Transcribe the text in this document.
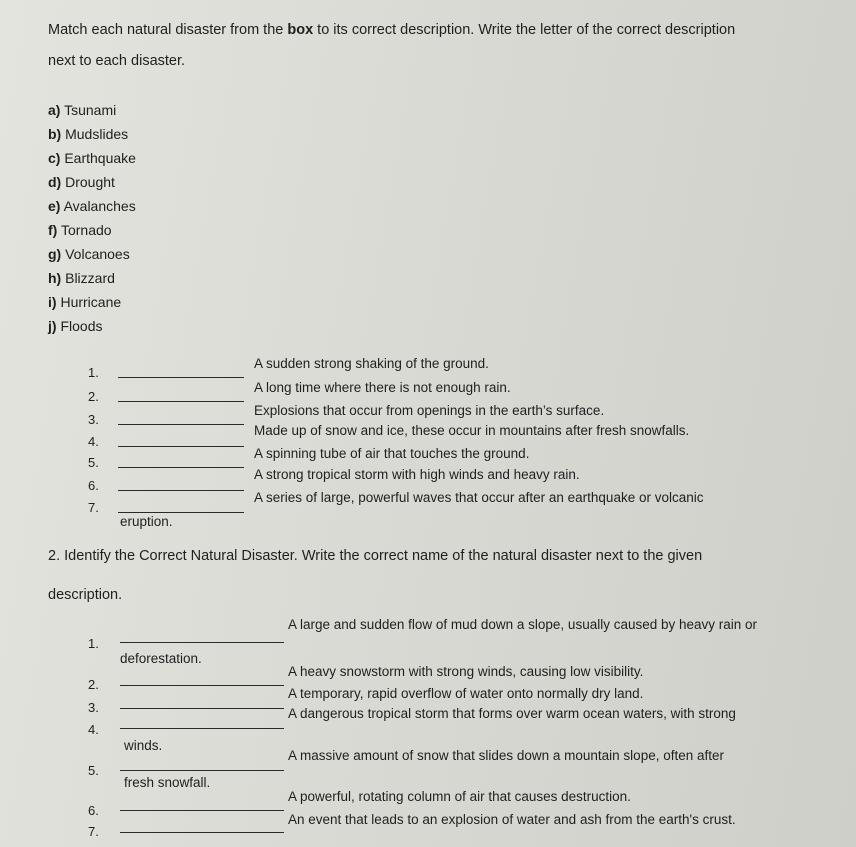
Match each natural disaster from the box to its correct description. Write the letter of the correct description
next to each disaster.
a) Tsunami
b) Mudslides
c) Earthquake
d) Drought
e) Avalanches
f) Tornado
g) Volcanoes
h) Blizzard
i) Hurricane
j) Floods
1.
A sudden strong shaking of the ground.
2.
A long time where there is not enough rain.
3.
Explosions that occur from openings in the earth’s surface.
4.
Made up of snow and ice, these occur in mountains after fresh snowfalls.
5.
A spinning tube of air that touches the ground.
6.
A strong tropical storm with high winds and heavy rain.
7.
A series of large, powerful waves that occur after an earthquake or volcanic
eruption.
2. Identify the Correct Natural Disaster. Write the correct name of the natural disaster next to the given
description.
1.
A large and sudden flow of mud down a slope, usually caused by heavy rain or
deforestation.
2.
A heavy snowstorm with strong winds, causing low visibility.
3.
A temporary, rapid overflow of water onto normally dry land.
4.
A dangerous tropical storm that forms over warm ocean waters, with strong
winds.
5.
A massive amount of snow that slides down a mountain slope, often after
fresh snowfall.
6.
A powerful, rotating column of air that causes destruction.
7.
An event that leads to an explosion of water and ash from the earth's crust.
